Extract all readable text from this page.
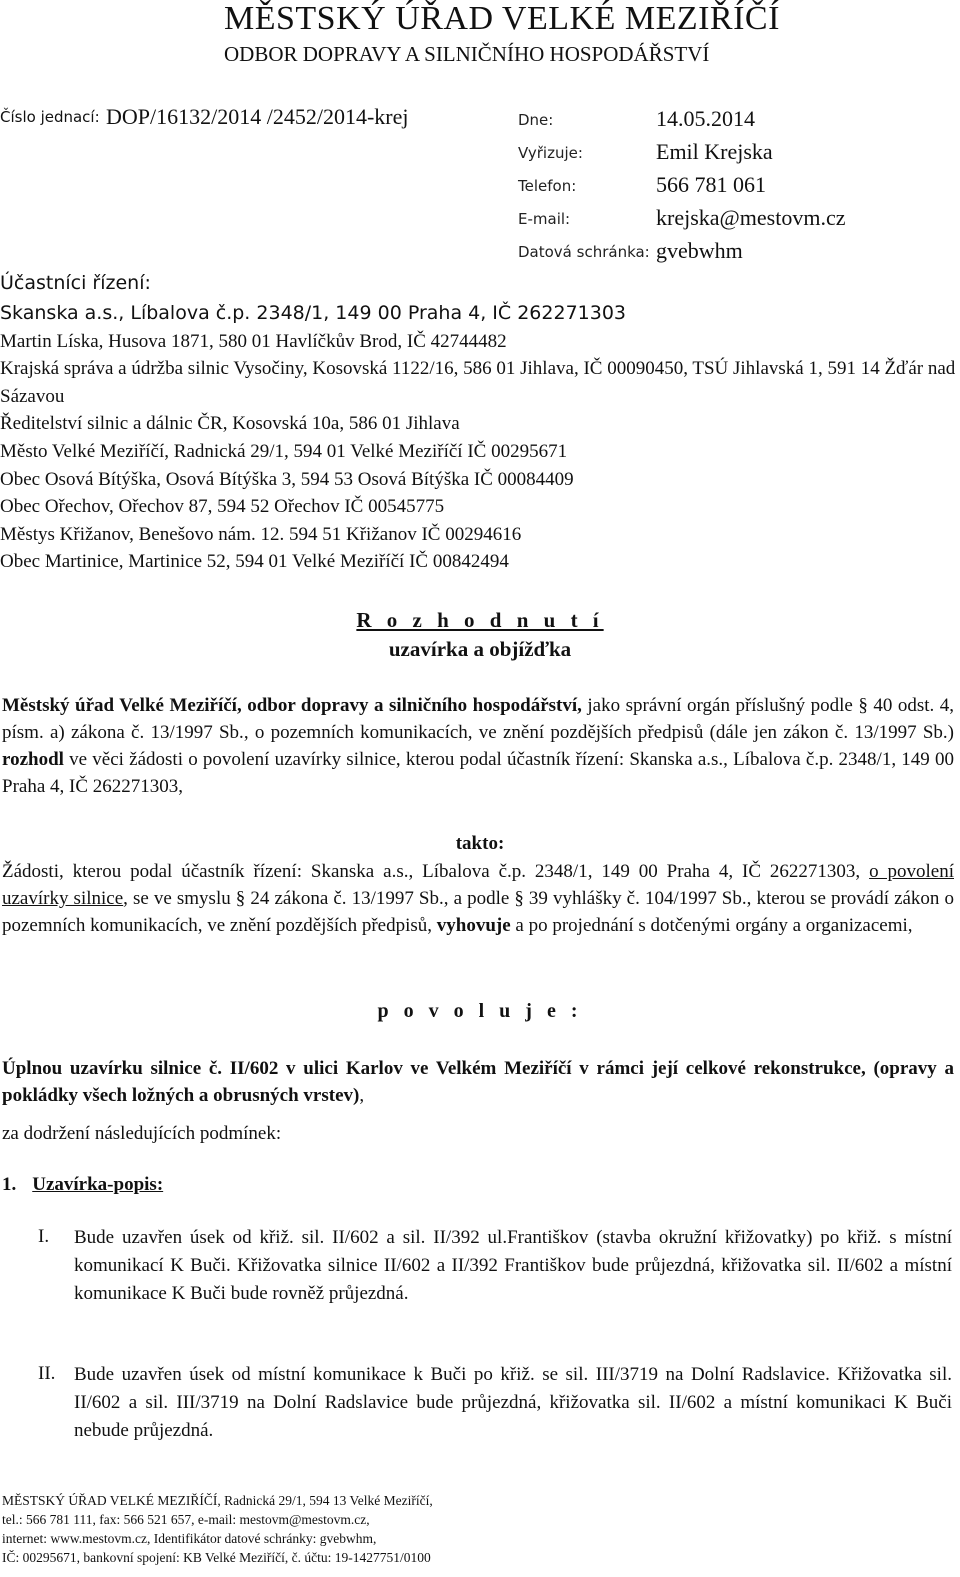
MĚSTSKÝ ÚŘAD VELKÉ MEZIŘÍČÍ
ODBOR DOPRAVY A SILNIČNÍHO HOSPODÁŘSTVÍ
Číslo jednací: DOP/16132/2014 /2452/2014-krej	Dne:	14.05.2014
Vyřizuje:	Emil Krejska
Telefon:	566 781 061
E-mail:	krejska@mestovm.cz
Datová schránka: gvebwhm
Účastníci řízení:
Skanska a.s., Líbalova č.p. 2348/1, 149 00 Praha 4, IČ 262271303
Martin Líska, Husova 1871, 580 01 Havlíčkův Brod, IČ 42744482
Krajská správa a údržba silnic Vysočiny, Kosovská 1122/16, 586 01 Jihlava, IČ 00090450, TSÚ Jihlavská 1, 591 14 Žďár nad Sázavou
Ředitelství silnic a dálnic ČR, Kosovská 10a, 586 01 Jihlava
Město Velké Meziříčí, Radnická 29/1, 594 01 Velké Meziříčí IČ 00295671
Obec Osová Bítýška, Osová Bítýška 3, 594 53 Osová Bítýška IČ 00084409
Obec Ořechov, Ořechov 87, 594 52 Ořechov IČ 00545775
Městys Křižanov, Benešovo nám. 12. 594 51 Křižanov IČ 00294616
Obec Martinice, Martinice 52, 594 01 Velké Meziříčí IČ 00842494
R o z h o d n u t í
uzavírka a objížďka
Městský úřad Velké Meziříčí, odbor dopravy a silničního hospodářství, jako správní orgán příslušný podle § 40 odst. 4, písm. a) zákona č. 13/1997 Sb., o pozemních komunikacích, ve znění pozdějších předpisů (dále jen zákon č. 13/1997 Sb.) rozhodl ve věci žádosti o povolení uzavírky silnice, kterou podal účastník řízení: Skanska a.s., Líbalova č.p. 2348/1, 149 00 Praha 4, IČ 262271303,
takto:
Žádosti, kterou podal účastník řízení: Skanska a.s., Líbalova č.p. 2348/1, 149 00 Praha 4, IČ 262271303, o povolení uzavírky silnice, se ve smyslu § 24 zákona č. 13/1997 Sb., a podle § 39 vyhlášky č. 104/1997 Sb., kterou se provádí zákon o pozemních komunikacích, ve znění pozdějších předpisů, vyhovuje a po projednání s dotčenými orgány a organizacemi,
p o v o l u j e :
Úplnou uzavírku silnice č. II/602 v ulici Karlov ve Velkém Meziříčí v rámci její celkové rekonstrukce, (opravy a pokládky všech ložných a obrusných vrstev),
za dodržení následujících podmínek:
1. Uzavírka-popis:
I. Bude uzavřen úsek od křiž. sil. II/602 a sil. II/392 ul.Františkov (stavba okružní křižovatky) po křiž. s místní komunikací K Buči. Křižovatka silnice II/602 a II/392 Františkov bude průjezdná, křižovatka sil. II/602 a místní komunikace K Buči bude rovněž průjezdná.
II. Bude uzavřen úsek od místní komunikace k Buči po křiž. se sil. III/3719 na Dolní Radslavice. Křižovatka sil. II/602 a sil. III/3719 na Dolní Radslavice bude průjezdná, křižovatka sil. II/602 a místní komunikaci K Buči nebude průjezdná.
MĚSTSKÝ ÚŘAD VELKÉ MEZIŘÍČÍ, Radnická 29/1, 594 13 Velké Meziříčí,
tel.: 566 781 111, fax: 566 521 657, e-mail: mestovm@mestovm.cz,
internet: www.mestovm.cz, Identifikátor datové schránky: gvebwhm,
IČ: 00295671, bankovní spojení: KB Velké Meziříčí, č. účtu: 19-1427751/0100
